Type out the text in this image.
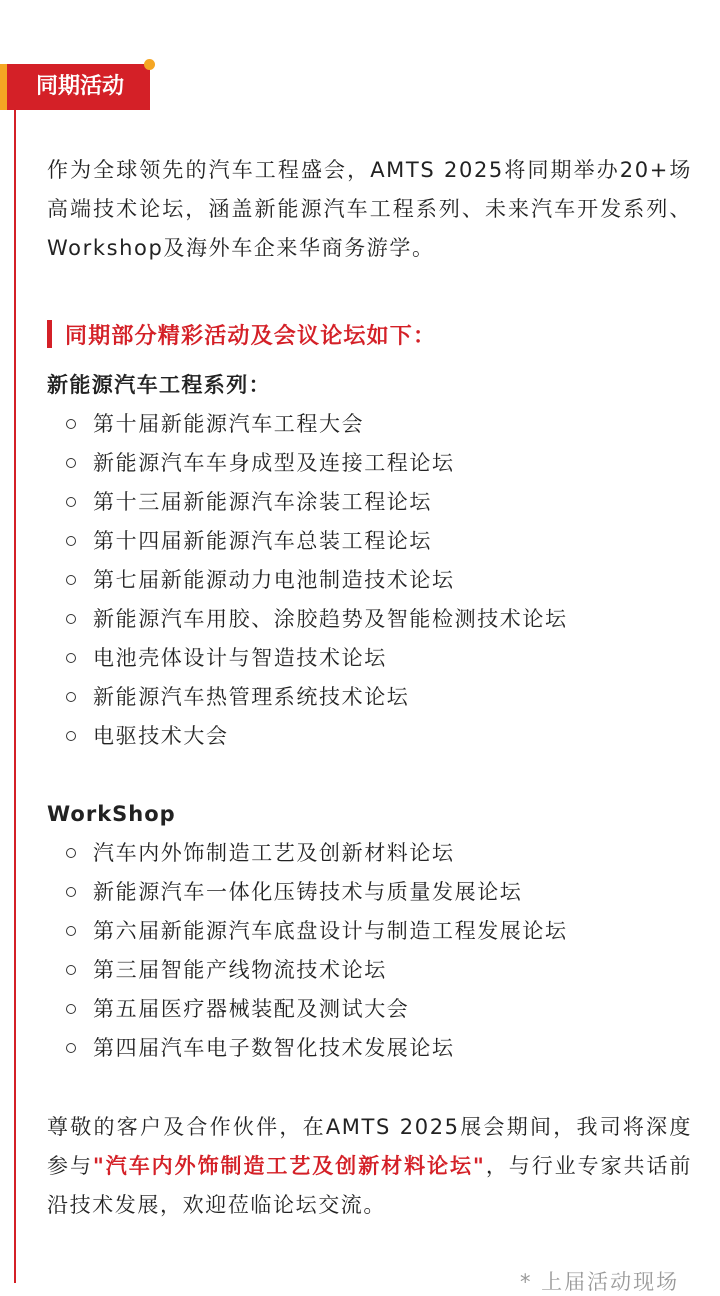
同期活动

作为全球领先的汽车工程盛会，AMTS 2025将同期举办20+场高端技术论坛，涵盖新能源汽车工程系列、未来汽车开发系列、Workshop及海外车企来华商务游学。

同期部分精彩活动及会议论坛如下：
新能源汽车工程系列：
第十届新能源汽车工程大会
新能源汽车车身成型及连接工程论坛
第十三届新能源汽车涂装工程论坛
第十四届新能源汽车总装工程论坛
第七届新能源动力电池制造技术论坛
新能源汽车用胶、涂胶趋势及智能检测技术论坛
电池壳体设计与智造技术论坛
新能源汽车热管理系统技术论坛
电驱技术大会
WorkShop
汽车内外饰制造工艺及创新材料论坛
新能源汽车一体化压铸技术与质量发展论坛
第六届新能源汽车底盘设计与制造工程发展论坛
第三届智能产线物流技术论坛
第五届医疗器械装配及测试大会
第四届汽车电子数智化技术发展论坛

尊敬的客户及合作伙伴，在AMTS 2025展会期间，我司将深度参与"汽车内外饰制造工艺及创新材料论坛"，与行业专家共话前沿技术发展，欢迎莅临论坛交流。

* 上届活动现场
